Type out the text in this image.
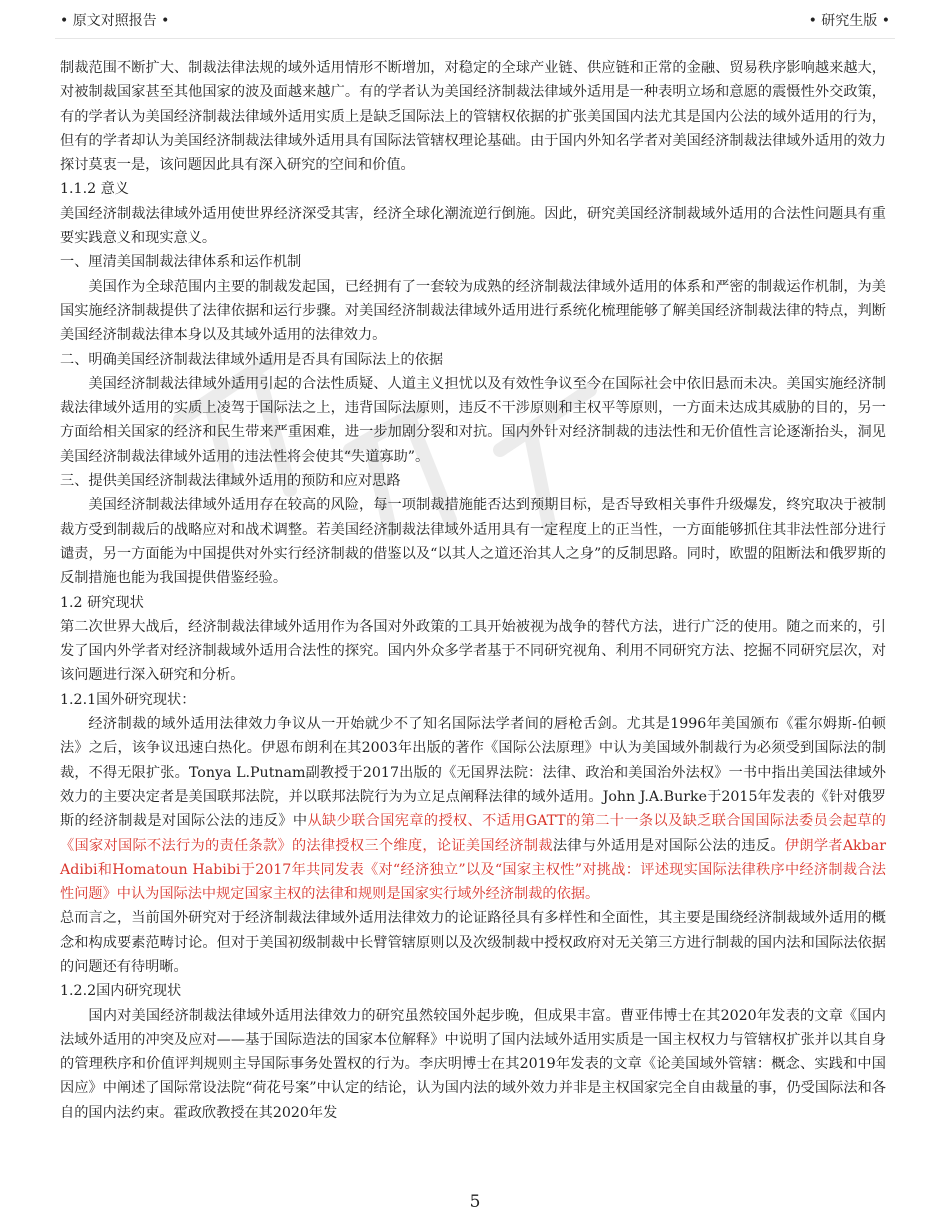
• 原文对照报告 •	• 研究生版 •

制裁范围不断扩大、制裁法律法规的域外适用情形不断增加，对稳定的全球产业链、供应链和正常的金融、贸易秩序影响越来越大，对被制裁国家甚至其他国家的波及面越来越广。有的学者认为美国经济制裁法律域外适用是一种表明立场和意愿的震慑性外交政策，有的学者认为美国经济制裁法律域外适用实质上是缺乏国际法上的管辖权依据的扩张美国国内法尤其是国内公法的域外适用的行为，但有的学者却认为美国经济制裁法律域外适用具有国际法管辖权理论基础。由于国内外知名学者对美国经济制裁法律域外适用的效力探讨莫衷一是，该问题因此具有深入研究的空间和价值。

1.1.2 意义

美国经济制裁法律域外适用使世界经济深受其害，经济全球化潮流逆行倒施。因此，研究美国经济制裁域外适用的合法性问题具有重要实践意义和现实意义。

一、厘清美国制裁法律体系和运作机制

美国作为全球范围内主要的制裁发起国，已经拥有了一套较为成熟的经济制裁法律域外适用的体系和严密的制裁运作机制，为美国实施经济制裁提供了法律依据和运行步骤。对美国经济制裁法律域外适用进行系统化梳理能够了解美国经济制裁法律的特点，判断美国经济制裁法律本身以及其域外适用的法律效力。

二、明确美国经济制裁法律域外适用是否具有国际法上的依据

美国经济制裁法律域外适用引起的合法性质疑、人道主义担忧以及有效性争议至今在国际社会中依旧悬而未决。美国实施经济制裁法律域外适用的实质上凌驾于国际法之上，违背国际法原则，违反不干涉原则和主权平等原则，一方面未达成其威胁的目的，另一方面给相关国家的经济和民生带来严重困难，进一步加剧分裂和对抗。国内外针对经济制裁的违法性和无价值性言论逐渐抬头，洞见美国经济制裁法律域外适用的违法性将会使其“失道寡助”。

三、提供美国经济制裁法律域外适用的预防和应对思路

美国经济制裁法律域外适用存在较高的风险，每一项制裁措施能否达到预期目标，是否导致相关事件升级爆发，终究取决于被制裁方受到制裁后的战略应对和战术调整。若美国经济制裁法律域外适用具有一定程度上的正当性，一方面能够抓住其非法性部分进行谴责，另一方面能为中国提供对外实行经济制裁的借鉴以及“以其人之道还治其人之身”的反制思路。同时，欧盟的阻断法和俄罗斯的反制措施也能为我国提供借鉴经验。

1.2 研究现状

第二次世界大战后，经济制裁法律域外适用作为各国对外政策的工具开始被视为战争的替代方法，进行广泛的使用。随之而来的，引发了国内外学者对经济制裁域外适用合法性的探究。国内外众多学者基于不同研究视角、利用不同研究方法、挖掘不同研究层次，对该问题进行深入研究和分析。

1.2.1国外研究现状：

经济制裁的域外适用法律效力争议从一开始就少不了知名国际法学者间的唇枪舌剑。尤其是1996年美国颁布《霍尔姆斯-伯顿法》之后，该争议迅速白热化。伊恩布朗利在其2003年出版的著作《国际公法原理》中认为美国域外制裁行为必须受到国际法的制裁，不得无限扩张。Tonya L.Putnam副教授于2017出版的《无国界法院：法律、政治和美国治外法权》一书中指出美国法律域外效力的主要决定者是美国联邦法院，并以联邦法院行为为立足点阐释法律的域外适用。John J.A.Burke于2015年发表的《针对俄罗斯的经济制裁是对国际公法的违反》中从缺少联合国宪章的授权、不适用GATT的第二十一条以及缺乏联合国国际法委员会起草的《国家对国际不法行为的责任条款》的法律授权三个维度，论证美国经济制裁法律与外适用是对国际公法的违反。伊朗学者Akbar Adibi和Homatoun Habibi于2017年共同发表《对“经济独立”以及“国家主权性”对挑战：评述现实国际法律秩序中经济制裁合法性问题》中认为国际法中规定国家主权的法律和规则是国家实行域外经济制裁的依据。

总而言之，当前国外研究对于经济制裁法律域外适用法律效力的论证路径具有多样性和全面性，其主要是围绕经济制裁域外适用的概念和构成要素范畴讨论。但对于美国初级制裁中长臂管辖原则以及次级制裁中授权政府对无关第三方进行制裁的国内法和国际法依据的问题还有待明晰。

1.2.2国内研究现状

国内对美国经济制裁法律域外适用法律效力的研究虽然较国外起步晚，但成果丰富。曹亚伟博士在其2020年发表的文章《国内法域外适用的冲突及应对——基于国际造法的国家本位解释》中说明了国内法域外适用实质是一国主权权力与管辖权扩张并以其自身的管理秩序和价值评判规则主导国际事务处置权的行为。李庆明博士在其2019年发表的文章《论美国域外管辖：概念、实践和中国因应》中阐述了国际常设法院“荷花号案”中认定的结论，认为国内法的域外效力并非是主权国家完全自由裁量的事，仍受国际法和各自的国内法约束。霍政欣教授在其2020年发

5
